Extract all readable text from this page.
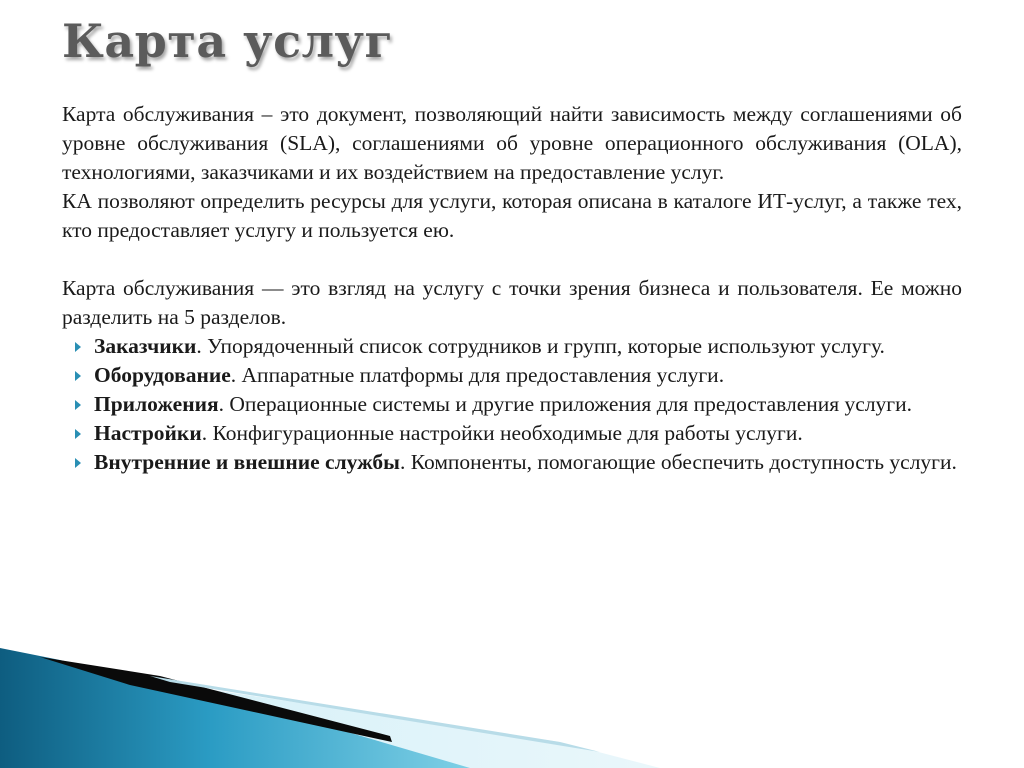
Карта услуг

Карта обслуживания – это документ, позволяющий найти зависимость между соглашениями об уровне обслуживания (SLA), соглашениями об уровне операционного обслуживания (OLA), технологиями, заказчиками и их воздействием на предоставление услуг.

КА позволяют определить ресурсы для услуги, которая описана в каталоге ИТ-услуг, а также тех, кто предоставляет услугу и пользуется ею.

Карта обслуживания — это взгляд на услугу с точки зрения бизнеса и пользователя. Ее можно разделить на 5 разделов.

Заказчики. Упорядоченный список сотрудников и групп, которые используют услугу.
Оборудование. Аппаратные платформы для предоставления услуги.
Приложения. Операционные системы и другие приложения для предоставления услуги.
Настройки. Конфигурационные настройки необходимые для работы услуги.
Внутренние и внешние службы. Компоненты, помогающие обеспечить доступность услуги.
